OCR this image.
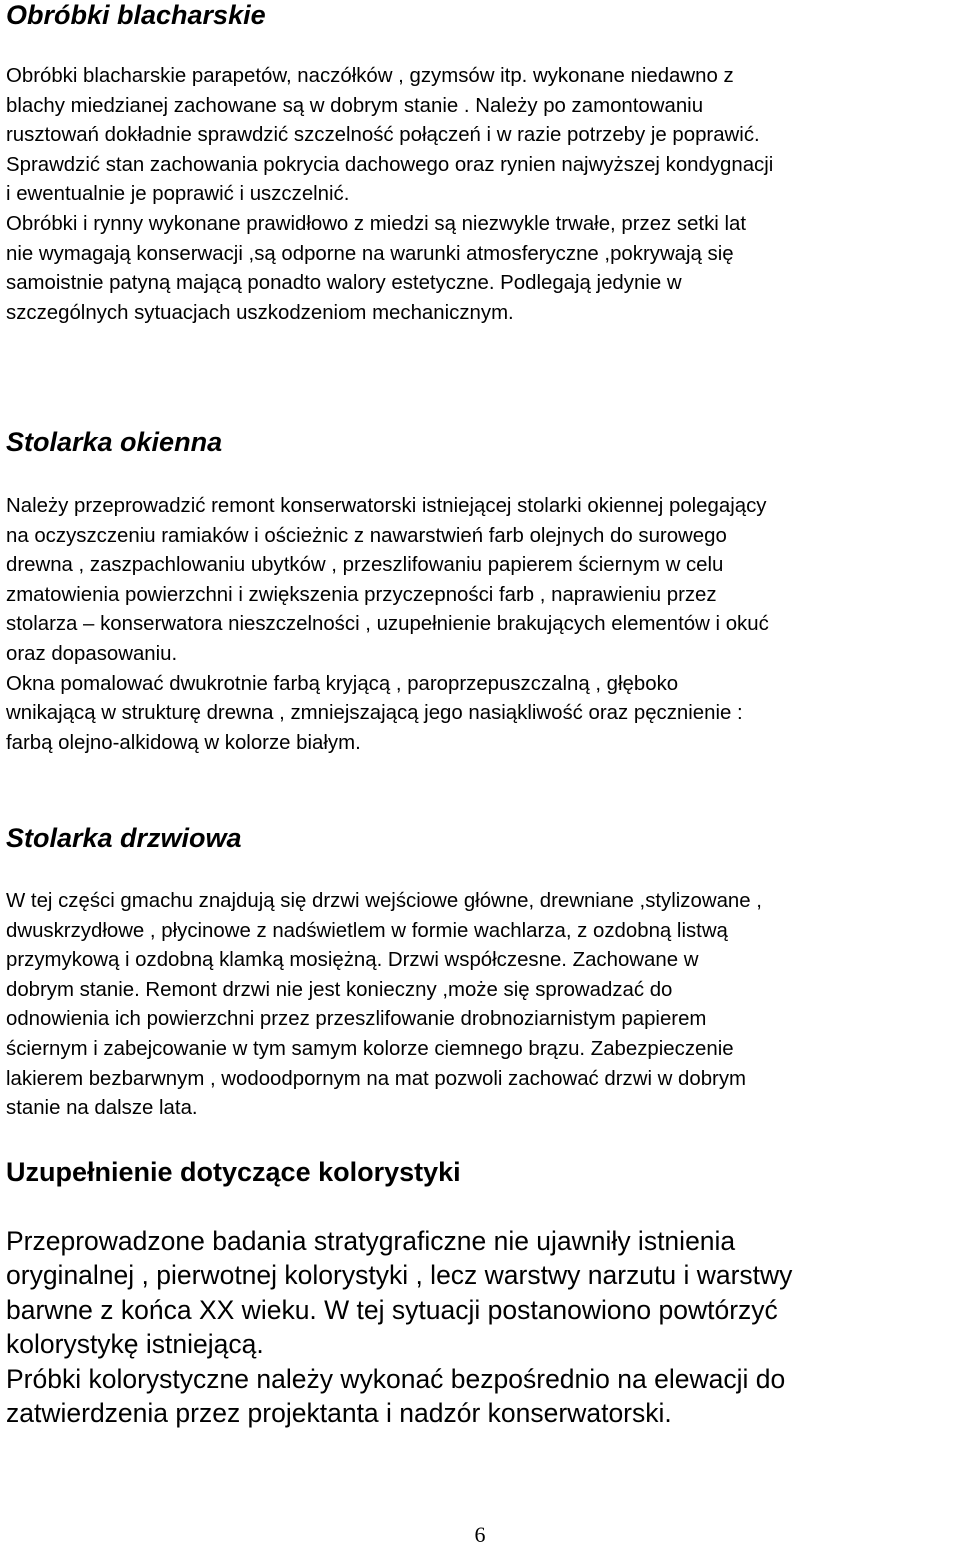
Obróbki blacharskie
Obróbki blacharskie parapetów, naczółków , gzymsów itp. wykonane niedawno z
blachy miedzianej zachowane są w dobrym stanie . Należy po zamontowaniu
rusztowań dokładnie sprawdzić szczelność połączeń i w razie potrzeby je poprawić.
Sprawdzić stan zachowania pokrycia dachowego oraz rynien najwyższej kondygnacji
i ewentualnie je poprawić i uszczelnić.
Obróbki i rynny wykonane prawidłowo z miedzi są niezwykle trwałe, przez setki lat
nie wymagają konserwacji ,są odporne na warunki atmosferyczne ,pokrywają się
samoistnie patyną mającą ponadto walory estetyczne. Podlegają jedynie w
szczególnych sytuacjach uszkodzeniom mechanicznym.
Stolarka okienna
Należy przeprowadzić remont konserwatorski istniejącej stolarki okiennej polegający
na oczyszczeniu ramiaków i ościeżnic z nawarstwień farb olejnych do surowego
drewna , zaszpachlowaniu ubytków , przeszlifowaniu papierem ściernym w celu
zmatowienia powierzchni i zwiększenia przyczepności farb , naprawieniu przez
stolarza – konserwatora nieszczelności , uzupełnienie brakujących elementów i okuć
oraz dopasowaniu.
Okna pomalować dwukrotnie farbą kryjącą , paroprzepuszczalną , głęboko
wnikającą w strukturę drewna , zmniejszającą jego nasiąkliwość oraz pęcznienie :
farbą olejno-alkidową w kolorze białym.
Stolarka drzwiowa
W tej części gmachu znajdują się drzwi wejściowe główne, drewniane ,stylizowane ,
dwuskrzydłowe , płycinowe z nadświetlem w formie wachlarza, z ozdobną listwą
przymykową i ozdobną klamką mosiężną. Drzwi współczesne. Zachowane w
dobrym stanie. Remont drzwi nie jest konieczny ,może się sprowadzać do
odnowienia ich powierzchni przez przeszlifowanie drobnoziarnistym papierem
ściernym i zabejcowanie w tym samym kolorze ciemnego brązu. Zabezpieczenie
lakierem bezbarwnym , wodoodpornym na mat pozwoli zachować drzwi w dobrym
stanie na dalsze lata.
Uzupełnienie dotyczące kolorystyki
Przeprowadzone badania stratygraficzne nie ujawniły istnienia
oryginalnej , pierwotnej kolorystyki , lecz warstwy narzutu i warstwy
barwne z końca XX wieku. W tej sytuacji postanowiono powtórzyć
kolorystykę istniejącą.
Próbki kolorystyczne należy wykonać bezpośrednio na elewacji do
zatwierdzenia przez projektanta i nadzór konserwatorski.
6
